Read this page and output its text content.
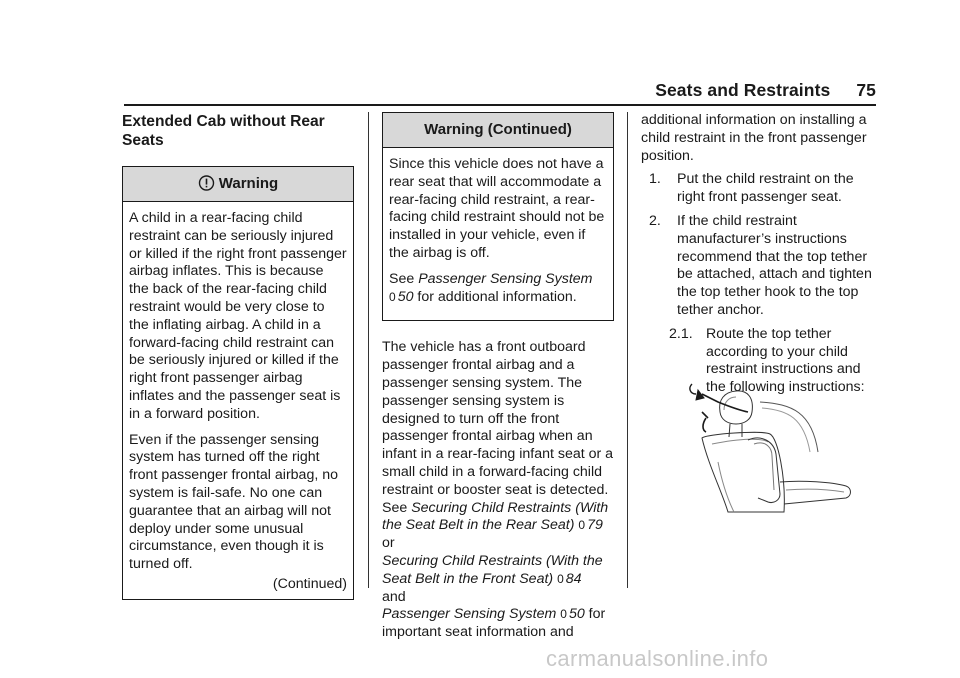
Seats and Restraints 75
Extended Cab without Rear Seats
Warning

A child in a rear-facing child restraint can be seriously injured or killed if the right front passenger airbag inflates. This is because the back of the rear-facing child restraint would be very close to the inflating airbag. A child in a forward-facing child restraint can be seriously injured or killed if the right front passenger airbag inflates and the passenger seat is in a forward position.

Even if the passenger sensing system has turned off the right front passenger frontal airbag, no system is fail-safe. No one can guarantee that an airbag will not deploy under some unusual circumstance, even though it is turned off.

(Continued)
Warning (Continued)

Since this vehicle does not have a rear seat that will accommodate a rear-facing child restraint, a rear-facing child restraint should not be installed in your vehicle, even if the airbag is off.

See Passenger Sensing System
0 50 for additional information.

The vehicle has a front outboard passenger frontal airbag and a passenger sensing system. The passenger sensing system is designed to turn off the front passenger frontal airbag when an infant in a rear-facing infant seat or a small child in a forward-facing child restraint or booster seat is detected. See Securing Child Restraints (With the Seat Belt in the Rear Seat) 0 79 or
Securing Child Restraints (With the Seat Belt in the Front Seat) 0 84
and
Passenger Sensing System 0 50 for important seat information and

additional information on installing a child restraint in the front passenger position.

1. Put the child restraint on the right front passenger seat.
2. If the child restraint manufacturer’s instructions recommend that the top tether be attached, attach and tighten the top tether hook to the top tether anchor.
2.1. Route the top tether according to your child restraint instructions and the following instructions:
carmanualsonline.info
